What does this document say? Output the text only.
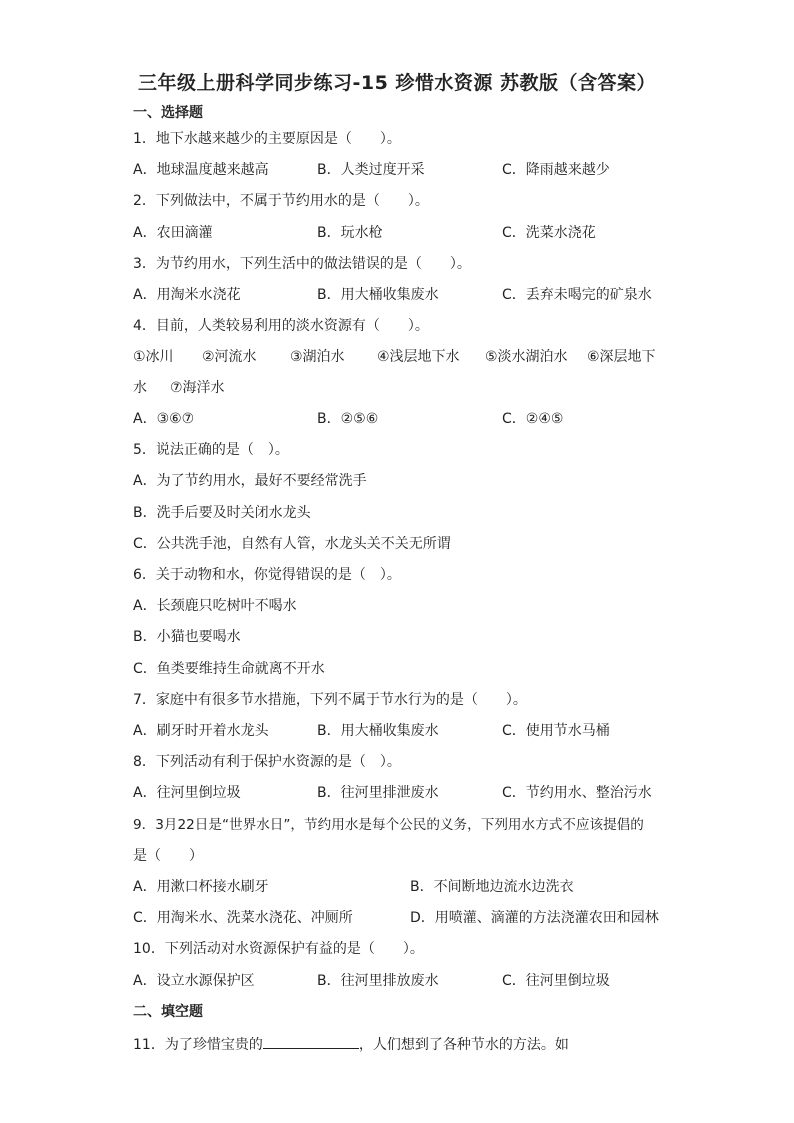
三年级上册科学同步练习-15 珍惜水资源 苏教版（含答案）
一、选择题
1．地下水越来越少的主要原因是（　　）。
A．地球温度越来越高	B．人类过度开采	C．降雨越来越少
2．下列做法中，不属于节约用水的是（　　）。
A．农田滴灌	B．玩水枪	C．洗菜水浇花
3．为节约用水，下列生活中的做法错误的是（　　）。
A．用淘米水浇花	B．用大桶收集废水	C．丢弃未喝完的矿泉水
4．目前，人类较易利用的淡水资源有（　　）。
①冰川 ②河流水 ③湖泊水 ④浅层地下水 ⑤淡水湖泊水 ⑥深层地下
水 ⑦海洋水
A．③⑥⑦	B．②⑤⑥	C．②④⑤
5．说法正确的是（　）。
A．为了节约用水，最好不要经常洗手
B．洗手后要及时关闭水龙头
C．公共洗手池，自然有人管，水龙头关不关无所谓
6．关于动物和水，你觉得错误的是（　）。
A．长颈鹿只吃树叶不喝水
B．小猫也要喝水
C．鱼类要维持生命就离不开水
7．家庭中有很多节水措施，下列不属于节水行为的是（　　）。
A．刷牙时开着水龙头	B．用大桶收集废水	C．使用节水马桶
8．下列活动有利于保护水资源的是（　）。
A．往河里倒垃圾	B．往河里排泄废水	C．节约用水、整治污水
9．3月22日是“世界水日”，节约用水是每个公民的义务，下列用水方式不应该提倡的
是（　　）
A．用漱口杯接水刷牙	B．不间断地边流水边洗衣
C．用淘米水、洗菜水浇花、冲厕所	D．用喷灌、滴灌的方法浇灌农田和园林
10．下列活动对水资源保护有益的是（　　）。
A．设立水源保护区	B．往河里排放废水	C．往河里倒垃圾
二、填空题
11．为了珍惜宝贵的	，人们想到了各种节水的方法。如
